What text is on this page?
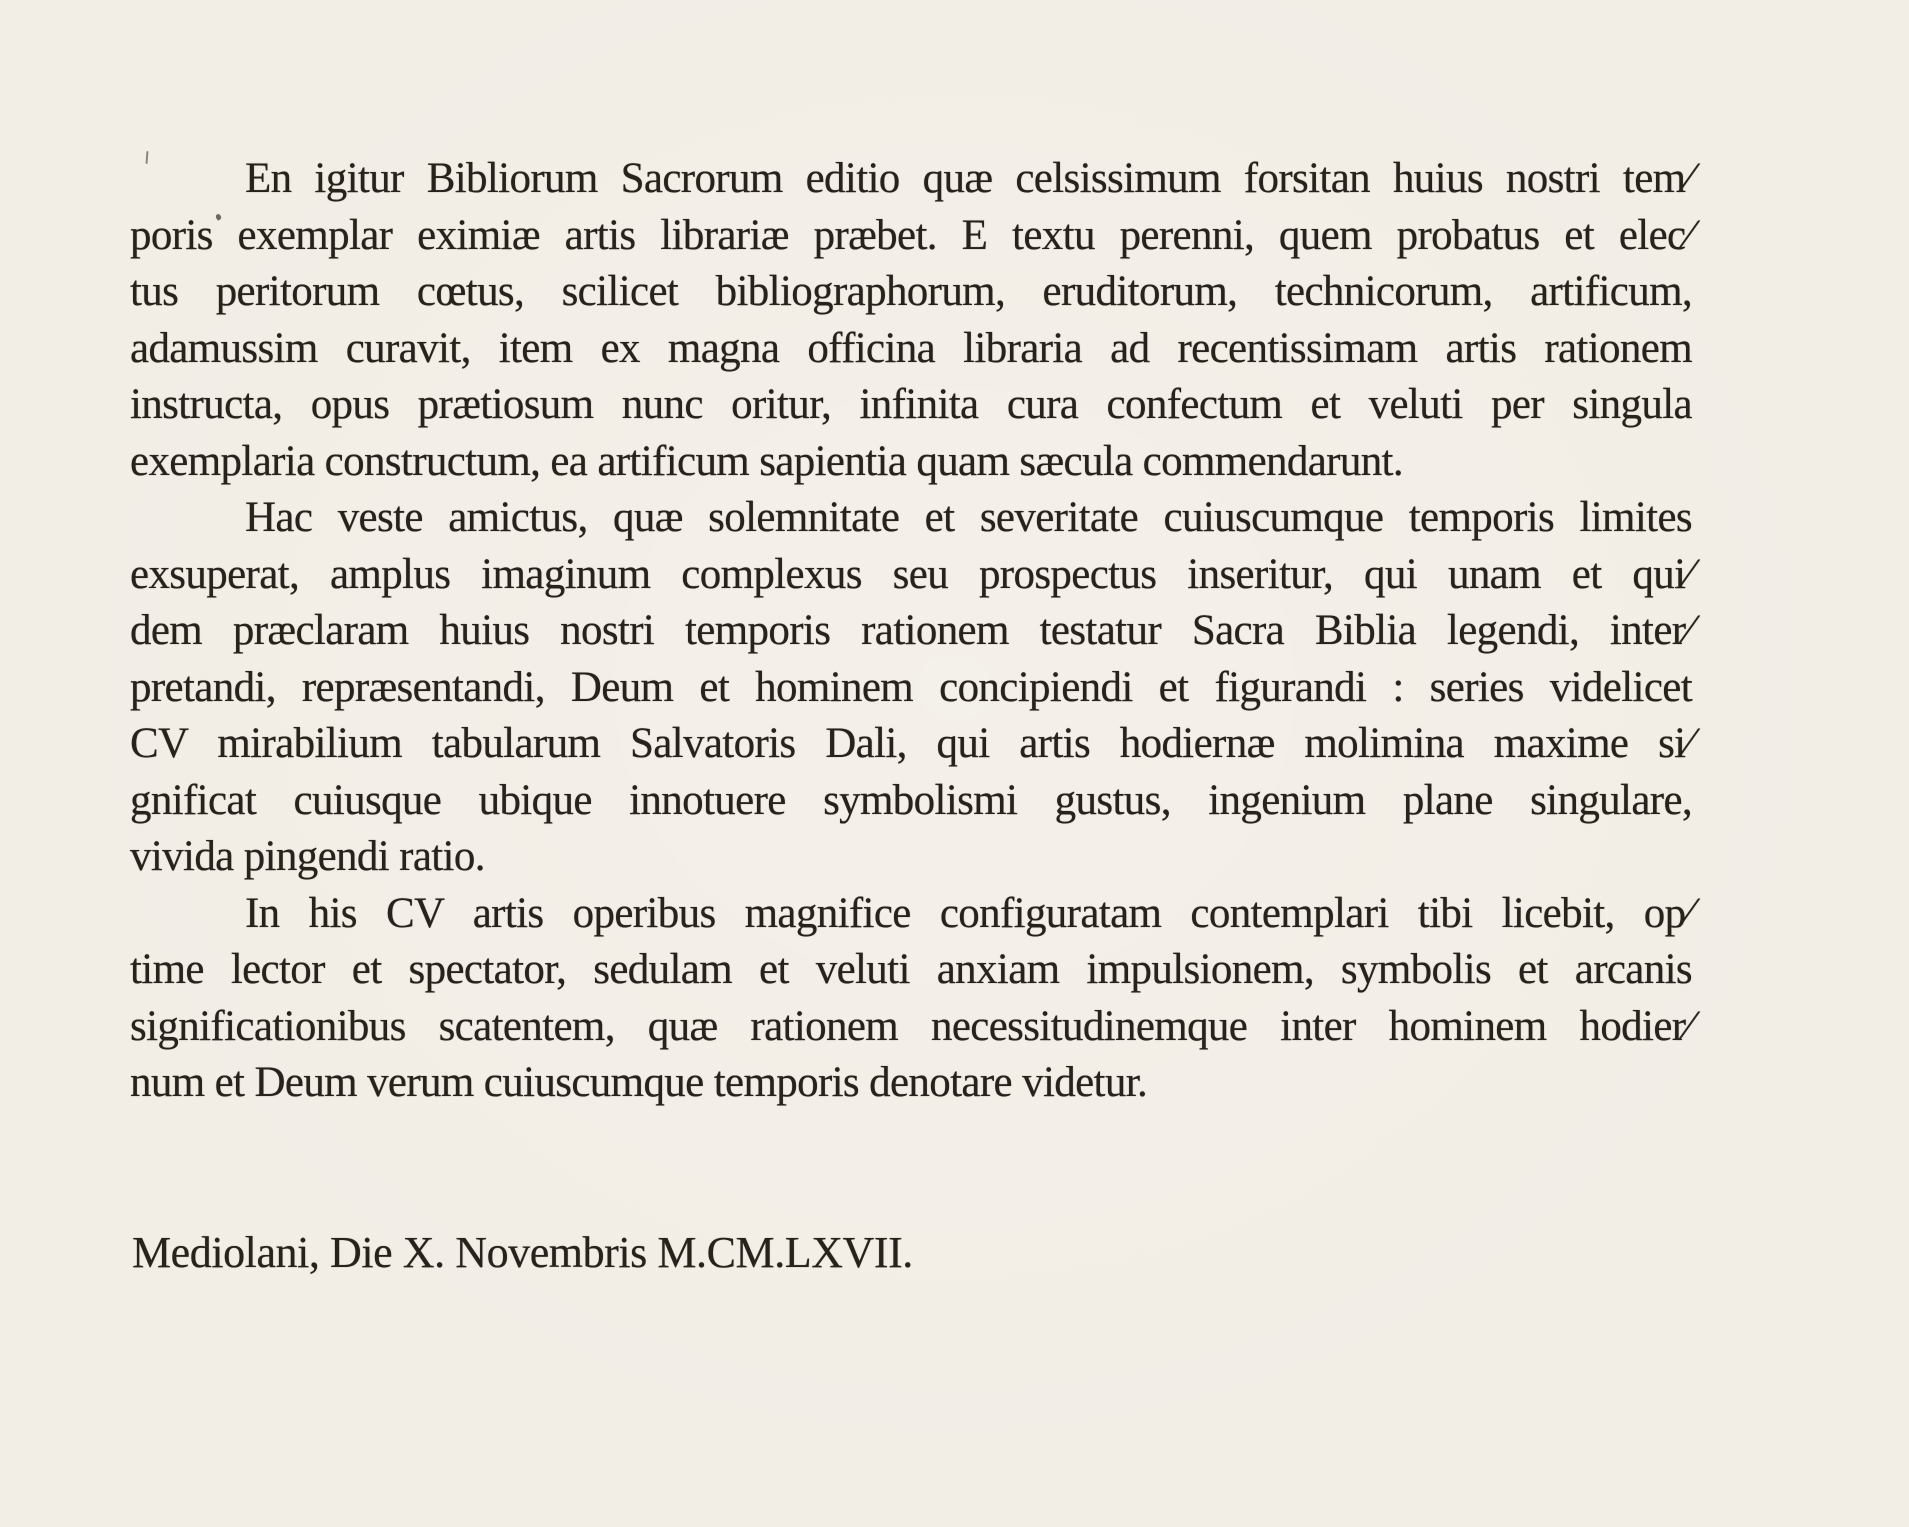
En igitur Bibliorum Sacrorum editio quæ celsissimum forsitan huius nostri tem⁄
poris exemplar eximiæ artis librariæ præbet. E textu perenni, quem probatus et elec⁄
tus peritorum cœtus, scilicet bibliographorum, eruditorum, technicorum, artificum,
adamussim curavit, item ex magna officina libraria ad recentissimam artis rationem
instructa, opus prætiosum nunc oritur, infinita cura confectum et veluti per singula
exemplaria constructum, ea artificum sapientia quam sæcula commendarunt.
Hac veste amictus, quæ solemnitate et severitate cuiuscumque temporis limites
exsuperat, amplus imaginum complexus seu prospectus inseritur, qui unam et qui⁄
dem præclaram huius nostri temporis rationem testatur Sacra Biblia legendi, inter⁄
pretandi, repræsentandi, Deum et hominem concipiendi et figurandi : series videlicet
CV mirabilium tabularum Salvatoris Dali, qui artis hodiernæ molimina maxime si⁄
gnificat cuiusque ubique innotuere symbolismi gustus, ingenium plane singulare,
vivida pingendi ratio.
In his CV artis operibus magnifice configuratam contemplari tibi licebit, op⁄
time lector et spectator, sedulam et veluti anxiam impulsionem, symbolis et arcanis
significationibus scatentem, quæ rationem necessitudinemque inter hominem hodier⁄
num et Deum verum cuiuscumque temporis denotare videtur.
Mediolani, Die X. Novembris M.CM.LXVII.
